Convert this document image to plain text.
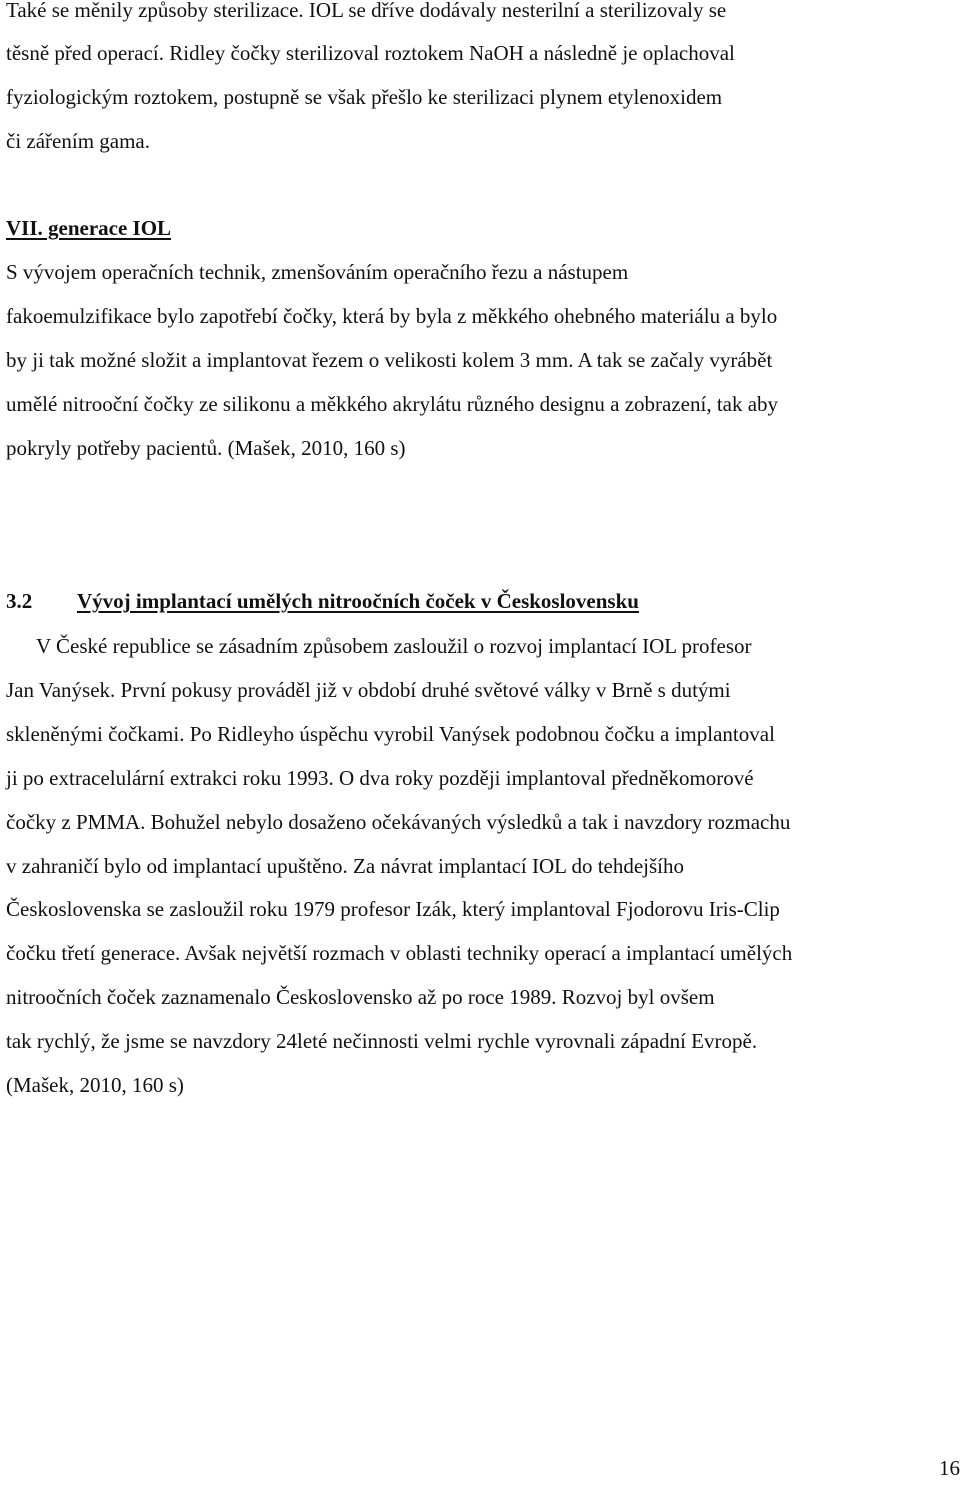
Také se měnily způsoby sterilizace. IOL se dříve dodávaly nesterilní a sterilizovaly se
těsně před operací. Ridley čočky sterilizoval roztokem NaOH a následně je oplachoval
fyziologickým roztokem, postupně se však přešlo ke sterilizaci plynem etylenoxidem
či zářením gama.
VII. generace IOL
S vývojem operačních technik, zmenšováním operačního řezu a nástupem
fakoemulzifikace bylo zapotřebí čočky, která by byla z měkkého ohebného materiálu a bylo
by ji tak možné složit a implantovat řezem o velikosti kolem 3 mm. A tak se začaly vyrábět
umělé nitrooční čočky ze silikonu a měkkého akrylátu různého designu a zobrazení, tak aby
pokryly potřeby pacientů. (Mašek, 2010, 160 s)
3.2 Vývoj implantací umělých nitroočních čoček v Československu
V České republice se zásadním způsobem zasloužil o rozvoj implantací IOL profesor
Jan Vanýsek. První pokusy prováděl již v období druhé světové války v Brně s dutými
skleněnými čočkami. Po Ridleyho úspěchu vyrobil Vanýsek podobnou čočku a implantoval
ji po extracelulární extrakci roku 1993. O dva roky později implantoval předněkomorové
čočky z PMMA. Bohužel nebylo dosaženo očekávaných výsledků a tak i navzdory rozmachu
v zahraničí bylo od implantací upuštěno. Za návrat implantací IOL do tehdejšího
Československa se zasloužil roku 1979 profesor Izák, který implantoval Fjodorovu Iris-Clip
čočku třetí generace. Avšak největší rozmach v oblasti techniky operací a implantací umělých
nitroočních čoček zaznamenalo Československo až po roce 1989. Rozvoj byl ovšem
tak rychlý, že jsme se navzdory 24leté nečinnosti velmi rychle vyrovnali západní Evropě.
(Mašek, 2010, 160 s)
16
